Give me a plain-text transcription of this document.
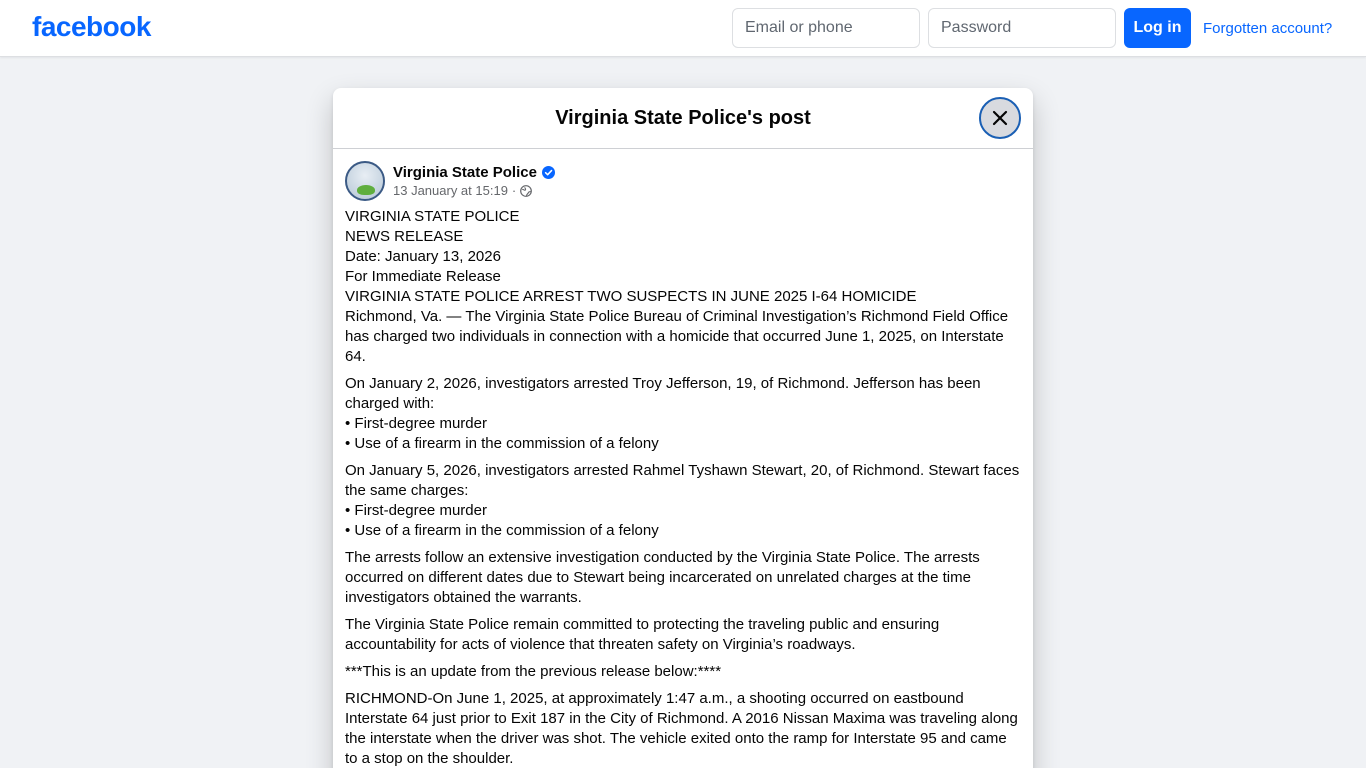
facebook
Email or phone	Log in	Forgotten account?
Virginia State Police's post
Virginia State Police
13 January at 15:19 ·
VIRGINIA STATE POLICE
NEWS RELEASE
Date: January 13, 2026
For Immediate Release
VIRGINIA STATE POLICE ARREST TWO SUSPECTS IN JUNE 2025 I-64 HOMICIDE
Richmond, Va. — The Virginia State Police Bureau of Criminal Investigation’s Richmond Field Office has charged two individuals in connection with a homicide that occurred June 1, 2025, on Interstate 64.
On January 2, 2026, investigators arrested Troy Jefferson, 19, of Richmond. Jefferson has been charged with:
• First-degree murder
• Use of a firearm in the commission of a felony
On January 5, 2026, investigators arrested Rahmel Tyshawn Stewart, 20, of Richmond. Stewart faces the same charges:
• First-degree murder
• Use of a firearm in the commission of a felony
The arrests follow an extensive investigation conducted by the Virginia State Police. The arrests occurred on different dates due to Stewart being incarcerated on unrelated charges at the time investigators obtained the warrants.
The Virginia State Police remain committed to protecting the traveling public and ensuring accountability for acts of violence that threaten safety on Virginia’s roadways.
***This is an update from the previous release below:****
RICHMOND-On June 1, 2025, at approximately 1:47 a.m., a shooting occurred on eastbound Interstate 64 just prior to Exit 187 in the City of Richmond. A 2016 Nissan Maxima was traveling along the interstate when the driver was shot. The vehicle exited onto the ramp for Interstate 95 and came to a stop on the shoulder.
